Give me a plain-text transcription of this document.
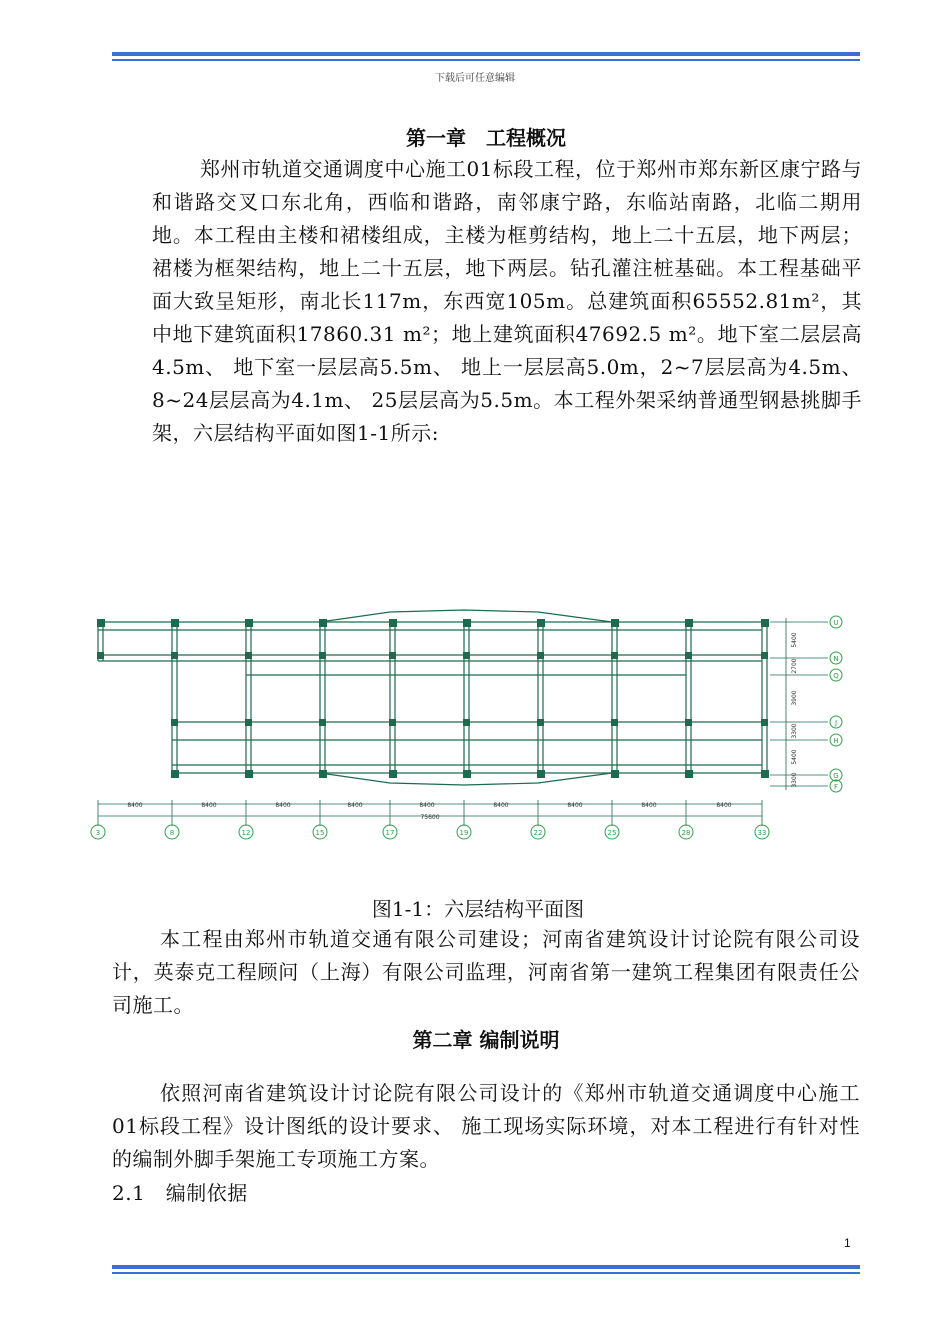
下载后可任意编辑
第一章　工程概况

郑州市轨道交通调度中心施工01标段工程，位于郑州市郑东新区康宁路与和谐路交叉口东北角，西临和谐路，南邻康宁路，东临站南路，北临二期用地。本工程由主楼和裙楼组成，主楼为框剪结构，地上二十五层，地下两层；裙楼为框架结构，地上二十五层，地下两层。钻孔灌注桩基础。本工程基础平面大致呈矩形，南北长117m，东西宽105m。总建筑面积65552.81m²，其中地下建筑面积17860.31 m²；地上建筑面积47692.5 m²。地下室二层层高4.5m、 地下室一层层高5.5m、 地上一层层高5.0m，2~7层层高为4.5m、 8~24层层高为4.1m、 25层层高为5.5m。本工程外架采纳普通型钢悬挑脚手架，六层结构平面如图1-1所示:

U
N
Q
J
H
G
F
5400
2700
3900
3300
5400
3300
8400	8400	8400	8400	8400	8400	8400	8400	8400
75600
3	8	12	15	17	19	22	25	28	33
图1-1：六层结构平面图

本工程由郑州市轨道交通有限公司建设；河南省建筑设计讨论院有限公司设计，英泰克工程顾问（上海）有限公司监理，河南省第一建筑工程集团有限责任公司施工。

第二章 编制说明

依照河南省建筑设计讨论院有限公司设计的《郑州市轨道交通调度中心施工01标段工程》设计图纸的设计要求、 施工现场实际环境，对本工程进行有针对性的编制外脚手架施工专项施工方案。

2.1　编制依据
1
